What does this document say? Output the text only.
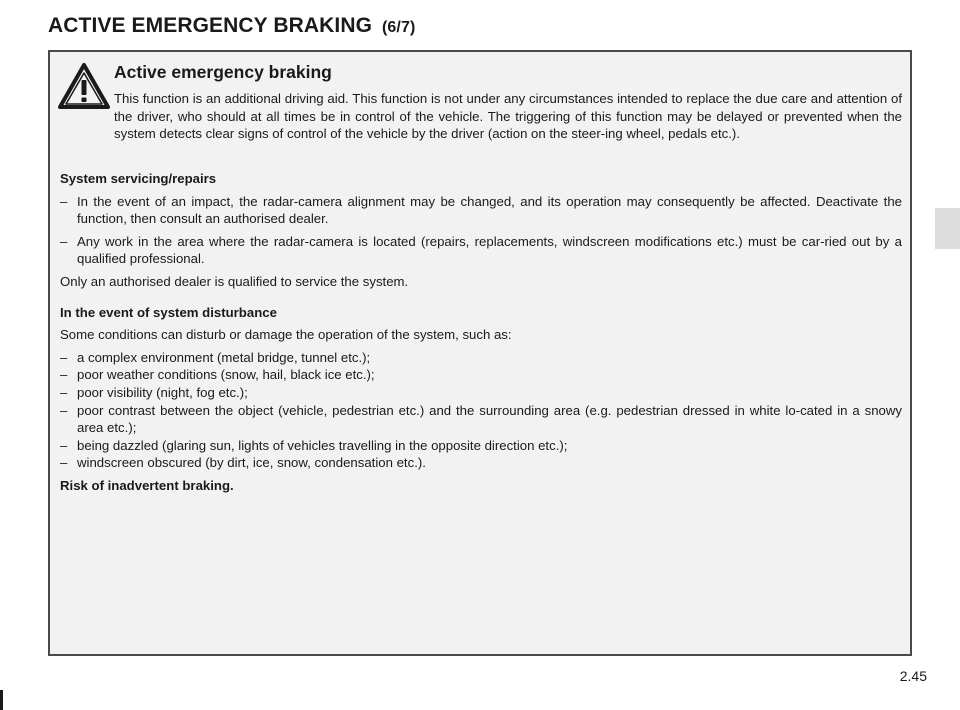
ACTIVE EMERGENCY BRAKING (6/7)
Active emergency braking
This function is an additional driving aid. This function is not under any circumstances intended to replace the due care and attention of the driver, who should at all times be in control of the vehicle. The triggering of this function may be delayed or prevented when the system detects clear signs of control of the vehicle by the driver (action on the steer-ing wheel, pedals etc.).
System servicing/repairs
– In the event of an impact, the radar-camera alignment may be changed, and its operation may consequently be affected. Deactivate the function, then consult an authorised dealer.
– Any work in the area where the radar-camera is located (repairs, replacements, windscreen modifications etc.) must be car-ried out by a qualified professional.
Only an authorised dealer is qualified to service the system.
In the event of system disturbance
Some conditions can disturb or damage the operation of the system, such as:
– a complex environment (metal bridge, tunnel etc.);
– poor weather conditions (snow, hail, black ice etc.);
– poor visibility (night, fog etc.);
– poor contrast between the object (vehicle, pedestrian etc.) and the surrounding area (e.g. pedestrian dressed in white lo-cated in a snowy area etc.);
– being dazzled (glaring sun, lights of vehicles travelling in the opposite direction etc.);
– windscreen obscured (by dirt, ice, snow, condensation etc.).
Risk of inadvertent braking.
2.45
